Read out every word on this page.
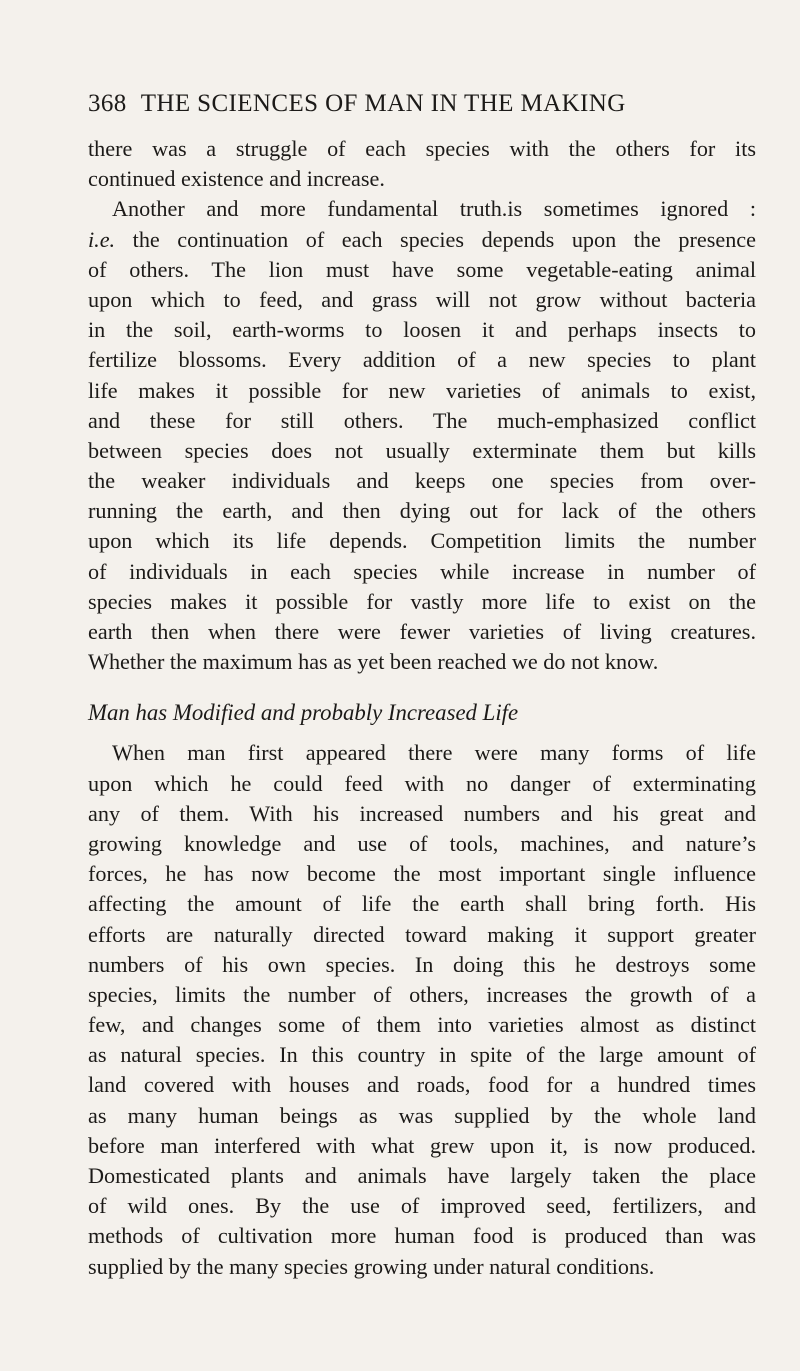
368 THE SCIENCES OF MAN IN THE MAKING
there was a struggle of each species with the others for its
continued existence and increase.
Another and more fundamental truth.is sometimes ignored :
i.e. the continuation of each species depends upon the presence
of others. The lion must have some vegetable-eating animal
upon which to feed, and grass will not grow without bacteria
in the soil, earth-worms to loosen it and perhaps insects to
fertilize blossoms. Every addition of a new species to plant
life makes it possible for new varieties of animals to exist,
and these for still others. The much-emphasized conflict
between species does not usually exterminate them but kills
the weaker individuals and keeps one species from over-
running the earth, and then dying out for lack of the others
upon which its life depends. Competition limits the number
of individuals in each species while increase in number of
species makes it possible for vastly more life to exist on the
earth then when there were fewer varieties of living creatures.
Whether the maximum has as yet been reached we do not know.
Man has Modified and probably Increased Life
When man first appeared there were many forms of life
upon which he could feed with no danger of exterminating
any of them. With his increased numbers and his great and
growing knowledge and use of tools, machines, and nature’s
forces, he has now become the most important single influence
affecting the amount of life the earth shall bring forth. His
efforts are naturally directed toward making it support greater
numbers of his own species. In doing this he destroys some
species, limits the number of others, increases the growth of a
few, and changes some of them into varieties almost as distinct
as natural species. In this country in spite of the large amount of
land covered with houses and roads, food for a hundred times
as many human beings as was supplied by the whole land
before man interfered with what grew upon it, is now produced.
Domesticated plants and animals have largely taken the place
of wild ones. By the use of improved seed, fertilizers, and
methods of cultivation more human food is produced than was
supplied by the many species growing under natural conditions.
